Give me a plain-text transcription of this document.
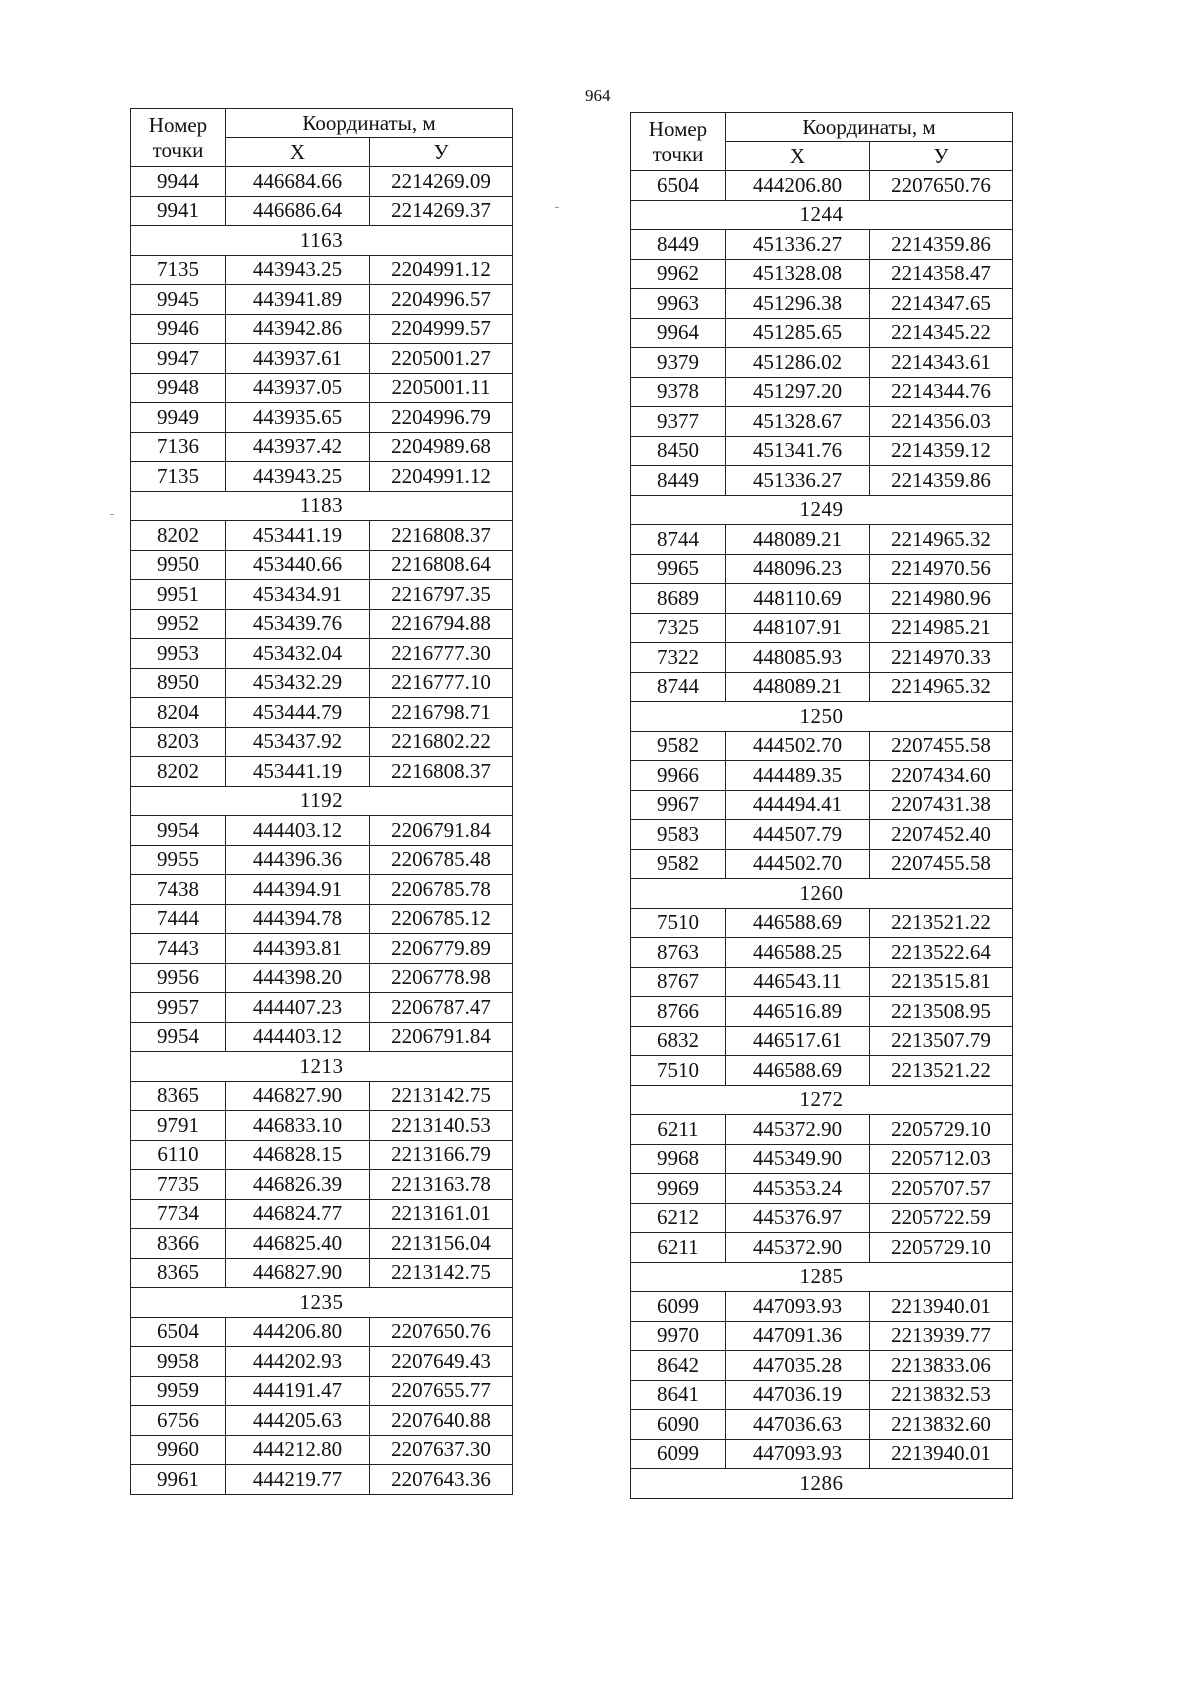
964
Номер точки	Координаты, м	
	X	У
9944	446684.66	2214269.09
9941	446686.64	2214269.37
1163		
7135	443943.25	2204991.12
9945	443941.89	2204996.57
9946	443942.86	2204999.57
9947	443937.61	2205001.27
9948	443937.05	2205001.11
9949	443935.65	2204996.79
7136	443937.42	2204989.68
7135	443943.25	2204991.12
1183		
8202	453441.19	2216808.37
9950	453440.66	2216808.64
9951	453434.91	2216797.35
9952	453439.76	2216794.88
9953	453432.04	2216777.30
8950	453432.29	2216777.10
8204	453444.79	2216798.71
8203	453437.92	2216802.22
8202	453441.19	2216808.37
1192		
9954	444403.12	2206791.84
9955	444396.36	2206785.48
7438	444394.91	2206785.78
7444	444394.78	2206785.12
7443	444393.81	2206779.89
9956	444398.20	2206778.98
9957	444407.23	2206787.47
9954	444403.12	2206791.84
1213		
8365	446827.90	2213142.75
9791	446833.10	2213140.53
6110	446828.15	2213166.79
7735	446826.39	2213163.78
7734	446824.77	2213161.01
8366	446825.40	2213156.04
8365	446827.90	2213142.75
1235		
6504	444206.80	2207650.76
9958	444202.93	2207649.43
9959	444191.47	2207655.77
6756	444205.63	2207640.88
9960	444212.80	2207637.30
9961	444219.77	2207643.36
Номер точки	Координаты, м	
	X	У
6504	444206.80	2207650.76
1244		
8449	451336.27	2214359.86
9962	451328.08	2214358.47
9963	451296.38	2214347.65
9964	451285.65	2214345.22
9379	451286.02	2214343.61
9378	451297.20	2214344.76
9377	451328.67	2214356.03
8450	451341.76	2214359.12
8449	451336.27	2214359.86
1249		
8744	448089.21	2214965.32
9965	448096.23	2214970.56
8689	448110.69	2214980.96
7325	448107.91	2214985.21
7322	448085.93	2214970.33
8744	448089.21	2214965.32
1250		
9582	444502.70	2207455.58
9966	444489.35	2207434.60
9967	444494.41	2207431.38
9583	444507.79	2207452.40
9582	444502.70	2207455.58
1260		
7510	446588.69	2213521.22
8763	446588.25	2213522.64
8767	446543.11	2213515.81
8766	446516.89	2213508.95
6832	446517.61	2213507.79
7510	446588.69	2213521.22
1272		
6211	445372.90	2205729.10
9968	445349.90	2205712.03
9969	445353.24	2205707.57
6212	445376.97	2205722.59
6211	445372.90	2205729.10
1285		
6099	447093.93	2213940.01
9970	447091.36	2213939.77
8642	447035.28	2213833.06
8641	447036.19	2213832.53
6090	447036.63	2213832.60
6099	447093.93	2213940.01
1286		
